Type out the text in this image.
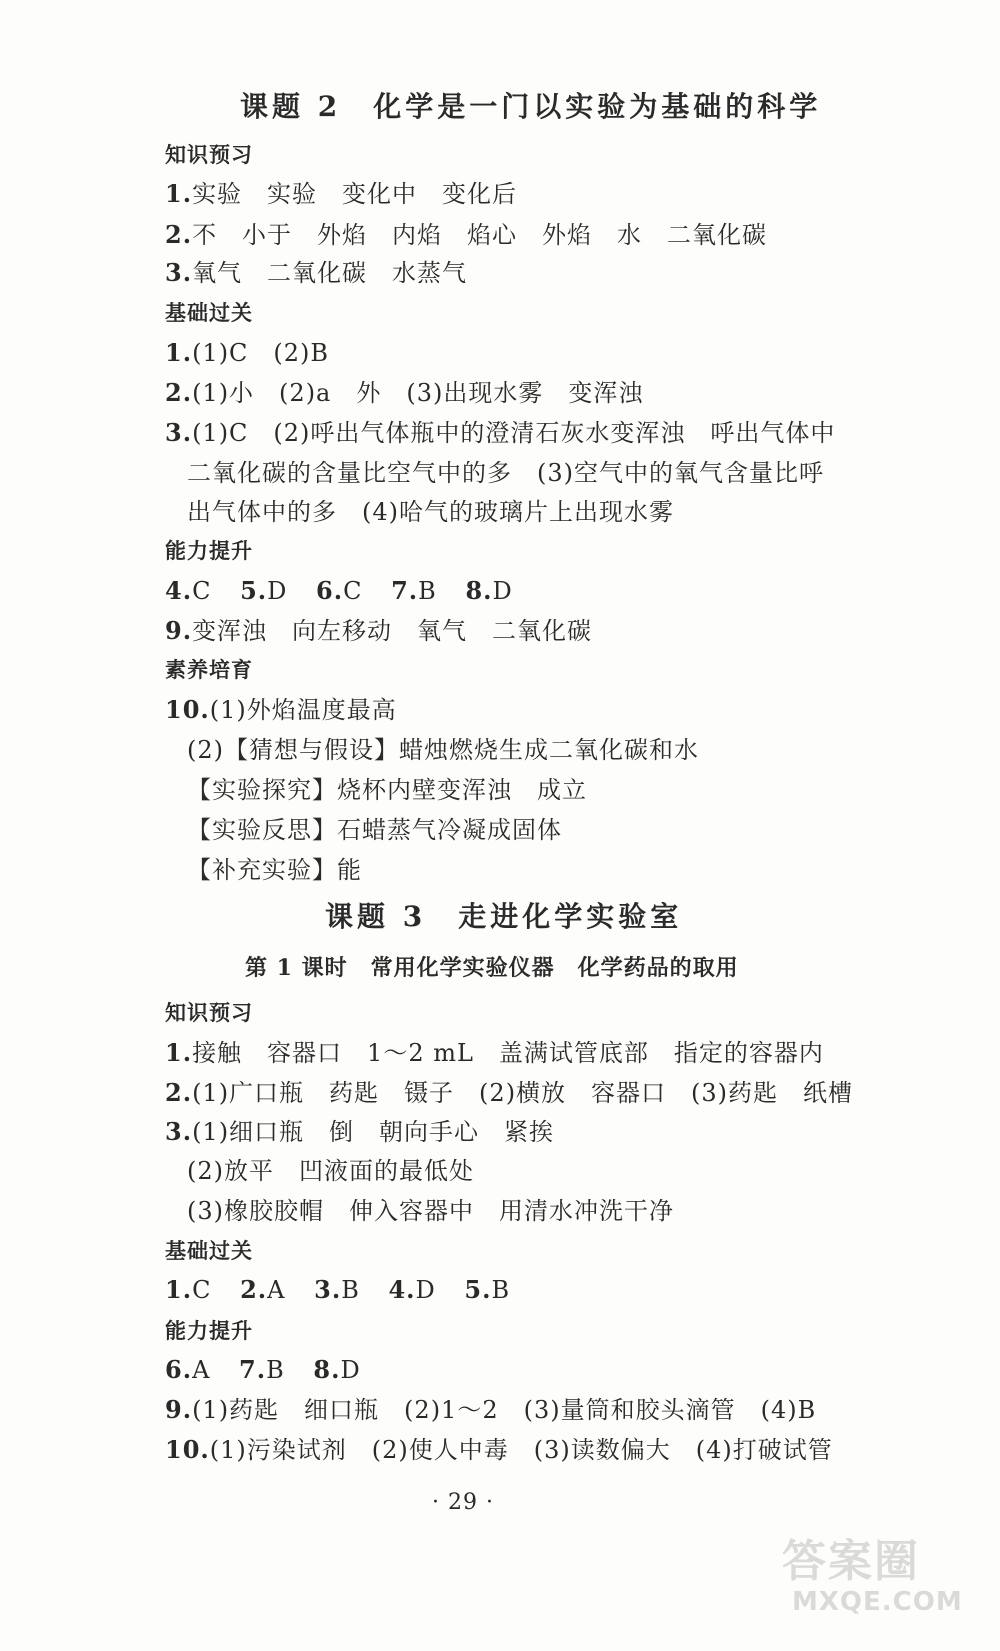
课题 2　化学是一门以实验为基础的科学
知识预习
1.实验　实验　变化中　变化后
2.不　小于　外焰　内焰　焰心　外焰　水　二氧化碳
3.氧气　二氧化碳　水蒸气
基础过关
1.(1)C　(2)B
2.(1)小　(2)a　外　(3)出现水雾　变浑浊
3.(1)C　(2)呼出气体瓶中的澄清石灰水变浑浊　呼出气体中
二氧化碳的含量比空气中的多　(3)空气中的氧气含量比呼
出气体中的多　(4)哈气的玻璃片上出现水雾
能力提升
4.C 5.D 6.C 7.B 8.D
9.变浑浊　向左移动　氧气　二氧化碳
素养培育
10.(1)外焰温度最高
(2)【猜想与假设】蜡烛燃烧生成二氧化碳和水
【实验探究】烧杯内壁变浑浊　成立
【实验反思】石蜡蒸气冷凝成固体
【补充实验】能
课题 3　走进化学实验室
第 1 课时　常用化学实验仪器　化学药品的取用
知识预习
1.接触　容器口　1～2 mL　盖满试管底部　指定的容器内
2.(1)广口瓶　药匙　镊子　(2)横放　容器口　(3)药匙　纸槽
3.(1)细口瓶　倒　朝向手心　紧挨
(2)放平　凹液面的最低处
(3)橡胶胶帽　伸入容器中　用清水冲洗干净
基础过关
1.C 2.A 3.B 4.D 5.B
能力提升
6.A 7.B 8.D
9.(1)药匙　细口瓶　(2)1～2　(3)量筒和胶头滴管　(4)B
10.(1)污染试剂　(2)使人中毒　(3)读数偏大　(4)打破试管
· 29 ·
答案圈
MXQE.COM
